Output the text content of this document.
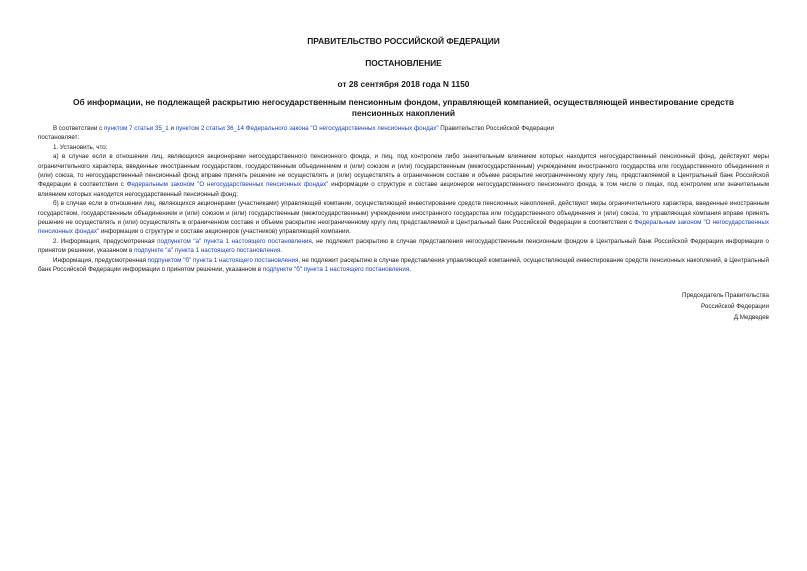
ПРАВИТЕЛЬСТВО РОССИЙСКОЙ ФЕДЕРАЦИИ
ПОСТАНОВЛЕНИЕ
от 28 сентября 2018 года N 1150
Об информации, не подлежащей раскрытию негосударственным пенсионным фондом, управляющей компанией, осуществляющей инвестирование средств пенсионных накоплений

В соответствии с пунктом 7 статьи 35_1 и пунктом 2 статьи 36_14 Федерального закона "О негосударственных пенсионных фондах" Правительство Российской Федерации

постановляет:

1. Установить, что:

а) в случае если в отношении лиц, являющихся акционерами негосударственного пенсионного фонда, и лиц, под контролем либо значительным влиянием которых находится негосударственный пенсионный фонд, действуют меры ограничительного характера, введенные иностранным государством, государственным объединением и (или) союзом и (или) государственным (межгосударственным) учреждением иностранного государства или государственного объединения и (или) союза, то негосударственный пенсионный фонд вправе принять решение не осуществлять и (или) осуществлять в ограниченном составе и объеме раскрытие неограниченному кругу лиц, представляемой в Центральный банк Российской Федерации в соответствии с Федеральным законом "О негосударственных пенсионных фондах" информации о структуре и составе акционеров негосударственного пенсионного фонда, в том числе о лицах, под контролем или значительным влиянием которых находится негосударственный пенсионный фонд;

б) в случае если в отношении лиц, являющихся акционерами (участниками) управляющей компании, осуществляющей инвестирование средств пенсионных накоплений, действуют меры ограничительного характера, введенные иностранным государством, государственным объединением и (или) союзом и (или) государственным (межгосударственным) учреждением иностранного государства или государственного объединения и (или) союза, то управляющая компания вправе принять решение не осуществлять и (или) осуществлять в ограниченном составе и объеме раскрытие неограниченному кругу лиц представляемой в Центральный банк Российской Федерации в соответствии с Федеральным законом "О негосударственных пенсионных фондах" информации о структуре и составе акционеров (участников) управляющей компании.

2. Информация, предусмотренная подпунктом "а" пункта 1 настоящего постановления, не подлежит раскрытию в случае представления негосударственным пенсионным фондом в Центральный банк Российской Федерации информации о принятом решении, указанном в подпункте "а" пункта 1 настоящего постановления.

Информация, предусмотренная подпунктом "б" пункта 1 настоящего постановления, не подлежит раскрытию в случае представления управляющей компанией, осуществляющей инвестирование средств пенсионных накоплений, в Центральный банк Российской Федерации информации о принятом решении, указанном в подпункте "б" пункта 1 настоящего постановления.

Председатель Правительства
Российской Федерации
Д.Медведев
